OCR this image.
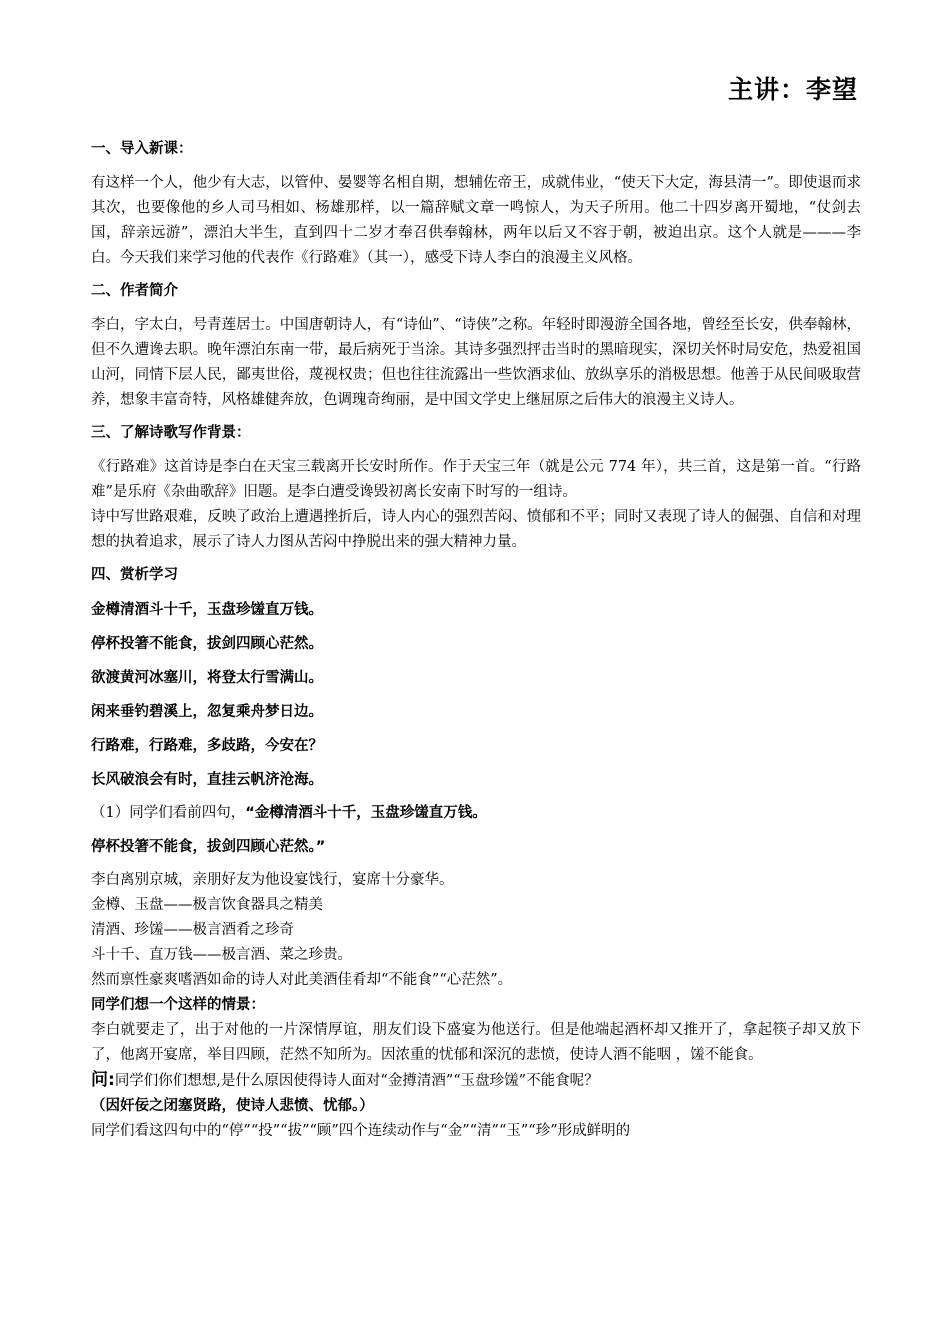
主讲：李望
一、导入新课：
有这样一个人，他少有大志，以管仲、晏婴等名相自期，想辅佐帝王，成就伟业，“使天下大定，海县清一”。即使退而求其次，也要像他的乡人司马相如、杨雄那样，以一篇辞赋文章一鸣惊人，为天子所用。他二十四岁离开蜀地，“仗剑去国，辞亲远游”，漂泊大半生，直到四十二岁才奉召供奉翰林，两年以后又不容于朝，被迫出京。这个人就是———李白。今天我们来学习他的代表作《行路难》（其一），感受下诗人李白的浪漫主义风格。
二、作者简介
李白，字太白，号青莲居士。中国唐朝诗人，有“诗仙”、“诗侠”之称。年轻时即漫游全国各地，曾经至长安，供奉翰林，但不久遭谗去职。晚年漂泊东南一带，最后病死于当涂。其诗多强烈抨击当时的黑暗现实，深切关怀时局安危，热爱祖国山河，同情下层人民，鄙夷世俗，蔑视权贵；但也往往流露出一些饮酒求仙、放纵享乐的消极思想。他善于从民间吸取营养，想象丰富奇特，风格雄健奔放，色调瑰奇绚丽，是中国文学史上继屈原之后伟大的浪漫主义诗人。
三、了解诗歌写作背景：
《行路难》这首诗是李白在天宝三载离开长安时所作。作于天宝三年（就是公元 774 年），共三首，这是第一首。“行路难”是乐府《杂曲歌辞》旧题。是李白遭受谗毁初离长安南下时写的一组诗。
诗中写世路艰难，反映了政治上遭遇挫折后，诗人内心的强烈苦闷、愤郁和不平；同时又表现了诗人的倔强、自信和对理想的执着追求，展示了诗人力图从苦闷中挣脱出来的强大精神力量。
四、赏析学习
金樽清酒斗十千，玉盘珍馐直万钱。
停杯投箸不能食，拔剑四顾心茫然。
欲渡黄河冰塞川，将登太行雪满山。
闲来垂钓碧溪上，忽复乘舟梦日边。
行路难，行路难，多歧路，今安在？
长风破浪会有时，直挂云帆济沧海。
（1）同学们看前四句，“金樽清酒斗十千，玉盘珍馐直万钱。
停杯投箸不能食，拔剑四顾心茫然。”
李白离别京城，亲朋好友为他设宴饯行，宴席十分豪华。
金樽、玉盘——极言饮食器具之精美
清酒、珍馐——极言酒肴之珍奇
斗十千、直万钱——极言酒、菜之珍贵。
然而禀性豪爽嗜酒如命的诗人对此美酒佳肴却“不能食”“心茫然”。
同学们想一个这样的情景：
李白就要走了，出于对他的一片深情厚谊，朋友们设下盛宴为他送行。但是他端起酒杯却又推开了，拿起筷子却又放下了，他离开宴席，举目四顾，茫然不知所为。因浓重的忧郁和深沉的悲愤，使诗人酒不能咽 ，馐不能食。
问:同学们你们想想,是什么原因使得诗人面对“金撙清酒”“玉盘珍馐”不能食呢？
（因奸佞之闭塞贤路，使诗人悲愤、忧郁。）
同学们看这四句中的“停”“投”“拔”“顾”四个连续动作与“金”“清”“玉”“珍”形成鲜明的
